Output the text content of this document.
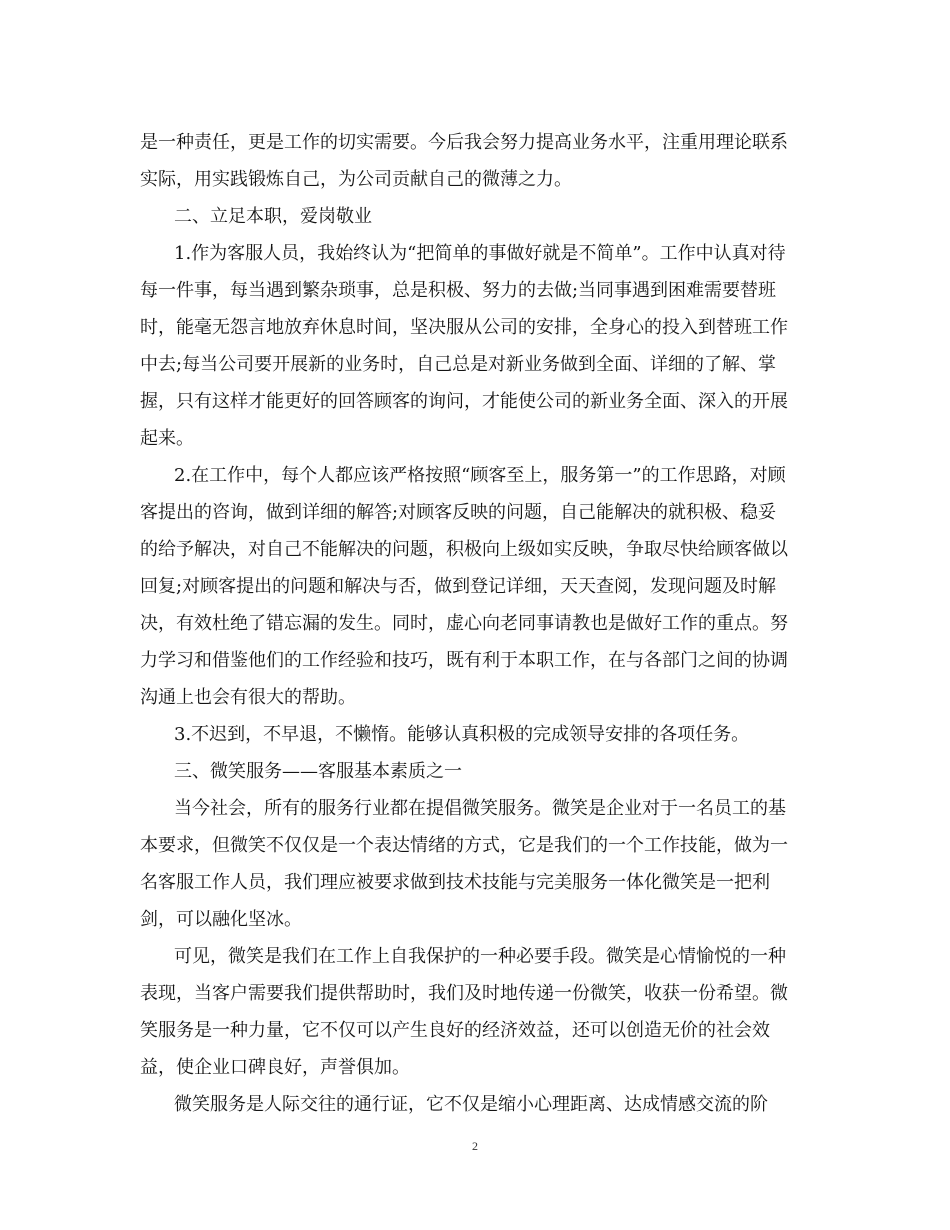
是一种责任，更是工作的切实需要。今后我会努力提高业务水平，注重用理论联系
实际，用实践锻炼自己，为公司贡献自己的微薄之力。
二、立足本职，爱岗敬业
1.作为客服人员，我始终认为“把简单的事做好就是不简单”。工作中认真对待
每一件事，每当遇到繁杂琐事，总是积极、努力的去做;当同事遇到困难需要替班
时，能毫无怨言地放弃休息时间，坚决服从公司的安排，全身心的投入到替班工作
中去;每当公司要开展新的业务时，自己总是对新业务做到全面、详细的了解、掌
握，只有这样才能更好的回答顾客的询问，才能使公司的新业务全面、深入的开展
起来。
2.在工作中，每个人都应该严格按照“顾客至上，服务第一”的工作思路，对顾
客提出的咨询，做到详细的解答;对顾客反映的问题，自己能解决的就积极、稳妥
的给予解决，对自己不能解决的问题，积极向上级如实反映，争取尽快给顾客做以
回复;对顾客提出的问题和解决与否，做到登记详细，天天查阅，发现问题及时解
决，有效杜绝了错忘漏的发生。同时，虚心向老同事请教也是做好工作的重点。努
力学习和借鉴他们的工作经验和技巧，既有利于本职工作，在与各部门之间的协调
沟通上也会有很大的帮助。
3.不迟到，不早退，不懒惰。能够认真积极的完成领导安排的各项任务。
三、微笑服务——客服基本素质之一
当今社会，所有的服务行业都在提倡微笑服务。微笑是企业对于一名员工的基
本要求，但微笑不仅仅是一个表达情绪的方式，它是我们的一个工作技能，做为一
名客服工作人员，我们理应被要求做到技术技能与完美服务一体化微笑是一把利
剑，可以融化坚冰。
可见，微笑是我们在工作上自我保护的一种必要手段。微笑是心情愉悦的一种
表现，当客户需要我们提供帮助时，我们及时地传递一份微笑，收获一份希望。微
笑服务是一种力量，它不仅可以产生良好的经济效益，还可以创造无价的社会效
益，使企业口碑良好，声誉俱加。
微笑服务是人际交往的通行证，它不仅是缩小心理距离、达成情感交流的阶
2
